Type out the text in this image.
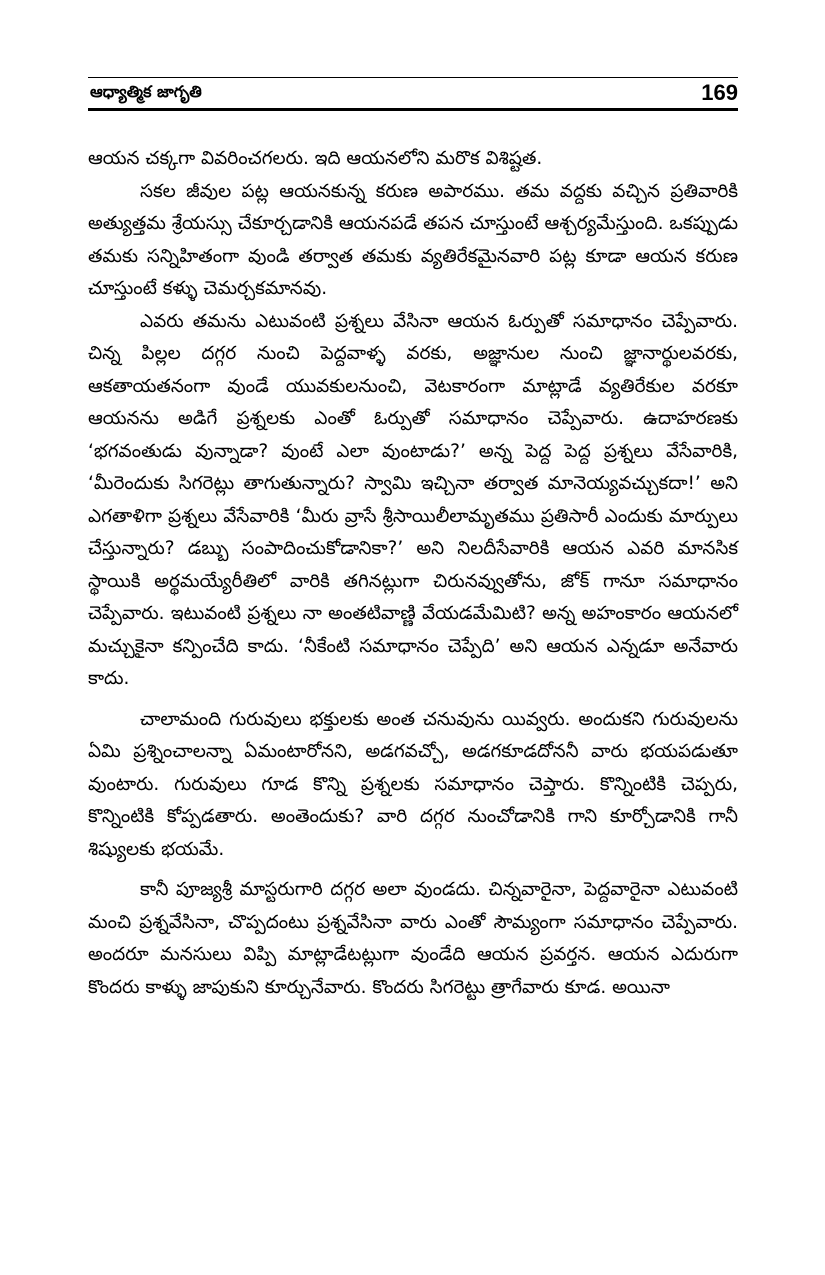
ఆధ్యాత్మిక జాగృతి	169

ఆయన చక్కగా వివరించగలరు. ఇది ఆయనలోని మరొక విశిష్టత.

సకల జీవుల పట్ల ఆయనకున్న కరుణ అపారము. తమ వద్దకు వచ్చిన ప్రతివారికి అత్యుత్తమ శ్రేయస్సు చేకూర్చడానికి ఆయనపడే తపన చూస్తుంటే ఆశ్చర్యమేస్తుంది. ఒకప్పుడు తమకు సన్నిహితంగా వుండి తర్వాత తమకు వ్యతిరేకమైనవారి పట్ల కూడా ఆయన కరుణ చూస్తుంటే కళ్ళు చెమర్చకమానవు.

ఎవరు తమను ఎటువంటి ప్రశ్నలు వేసినా ఆయన ఓర్పుతో సమాధానం చెప్పేవారు. చిన్న పిల్లల దగ్గర నుంచి పెద్దవాళ్ళ వరకు, అజ్ఞానుల నుంచి జ్ఞానార్థులవరకు, ఆకతాయతనంగా వుండే యువకులనుంచి, వెటకారంగా మాట్లాడే వ్యతిరేకుల వరకూ ఆయనను అడిగే ప్రశ్నలకు ఎంతో ఓర్పుతో సమాధానం చెప్పేవారు. ఉదాహరణకు ‘భగవంతుడు వున్నాడా? వుంటే ఎలా వుంటాడు?’ అన్న పెద్ద పెద్ద ప్రశ్నలు వేసేవారికి, ‘మీరెందుకు సిగరెట్లు తాగుతున్నారు? స్వామి ఇచ్చినా తర్వాత మానెయ్యవచ్చుకదా!’ అని ఎగతాళిగా ప్రశ్నలు వేసేవారికి ‘మీరు వ్రాసే శ్రీసాయిలీలామృతము ప్రతిసారీ ఎందుకు మార్పులు చేస్తున్నారు? డబ్బు సంపాదించుకోడానికా?’ అని నిలదీసేవారికి ఆయన ఎవరి మానసిక స్థాయికి అర్థమయ్యేరీతిలో వారికి తగినట్లుగా చిరునవ్వుతోను, జోక్ గానూ సమాధానం చెప్పేవారు. ఇటువంటి ప్రశ్నలు నా అంతటివాణ్ణి వేయడమేమిటి? అన్న అహంకారం ఆయనలో మచ్చుకైనా కన్పించేది కాదు. ‘నీకేంటి సమాధానం చెప్పేది’ అని ఆయన ఎన్నడూ అనేవారు కాదు.

చాలామంది గురువులు భక్తులకు అంత చనువును యివ్వరు. అందుకని గురువులను ఏమి ప్రశ్నించాలన్నా ఏమంటారోనని, అడగవచ్చో, అడగకూడదోననీ వారు భయపడుతూ వుంటారు. గురువులు గూడ కొన్ని ప్రశ్నలకు సమాధానం చెప్తారు. కొన్నింటికి చెప్పరు, కొన్నింటికి కోప్పడతారు. అంతెందుకు? వారి దగ్గర నుంచోడానికి గాని కూర్చోడానికి గానీ శిష్యులకు భయమే.

కానీ పూజ్యశ్రీ మాస్టరుగారి దగ్గర అలా వుండదు. చిన్నవారైనా, పెద్దవారైనా ఎటువంటి మంచి ప్రశ్నవేసినా, చొప్పదంటు ప్రశ్నవేసినా వారు ఎంతో సౌమ్యంగా సమాధానం చెప్పేవారు. అందరూ మనసులు విప్పి మాట్లాడేటట్లుగా వుండేది ఆయన ప్రవర్తన. ఆయన ఎదురుగా కొందరు కాళ్ళు జాపుకుని కూర్చునేవారు. కొందరు సిగరెట్టు త్రాగేవారు కూడ. అయినా
